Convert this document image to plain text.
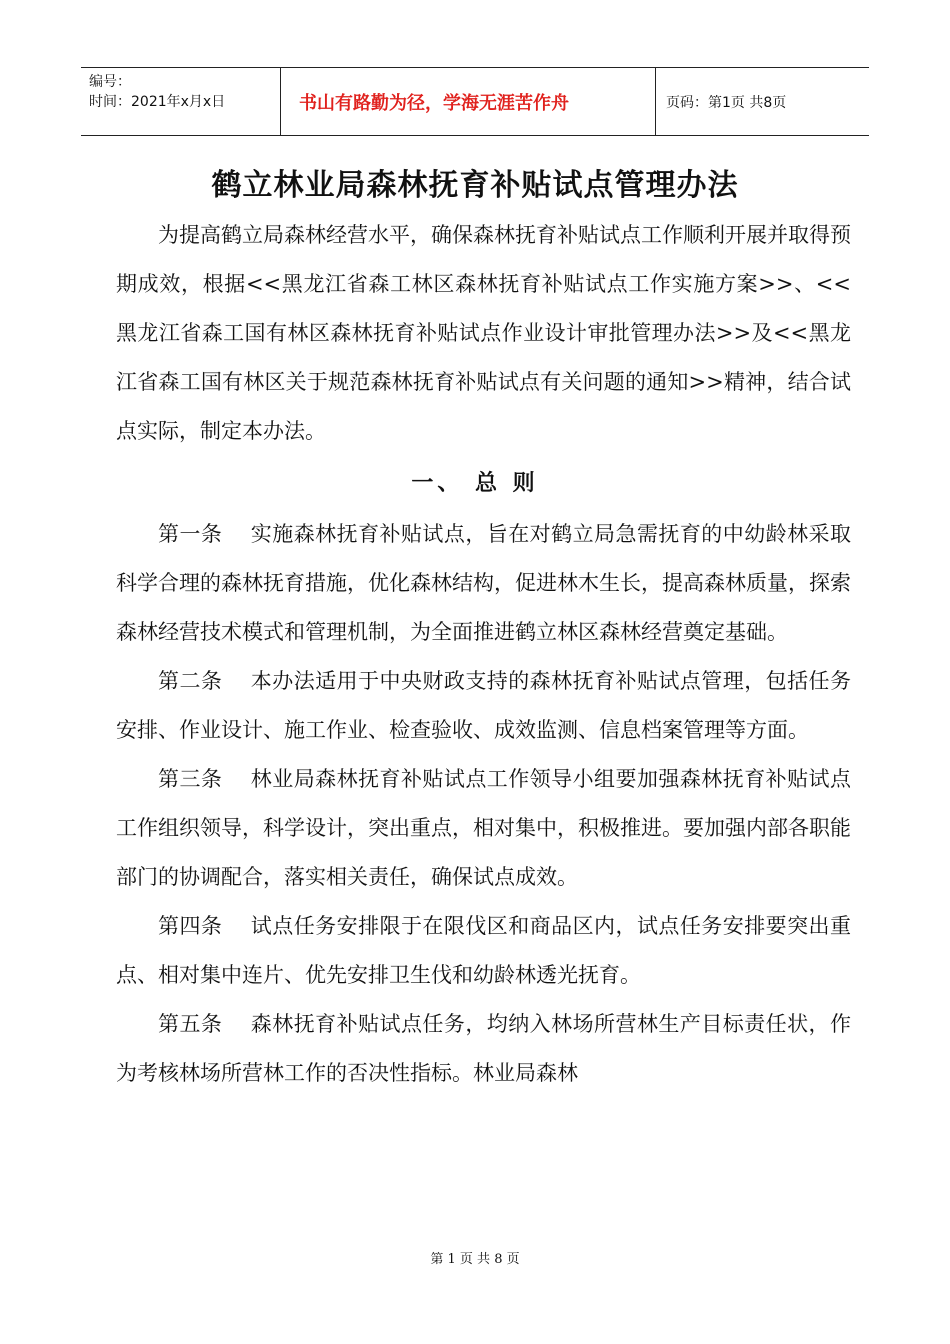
编号：
时间：2021年x月x日	书山有路勤为径，学海无涯苦作舟	页码：第1页 共8页
鹤立林业局森林抚育补贴试点管理办法

为提高鹤立局森林经营水平，确保森林抚育补贴试点工作顺利开展并取得预期成效，根据<<黑龙江省森工林区森林抚育补贴试点工作实施方案>>、<<黑龙江省森工国有林区森林抚育补贴试点作业设计审批管理办法>>及<<黑龙江省森工国有林区关于规范森林抚育补贴试点有关问题的通知>>精神，结合试点实际，制定本办法。

一、 总 则

第一条 实施森林抚育补贴试点，旨在对鹤立局急需抚育的中幼龄林采取科学合理的森林抚育措施，优化森林结构，促进林木生长，提高森林质量，探索森林经营技术模式和管理机制，为全面推进鹤立林区森林经营奠定基础。

第二条 本办法适用于中央财政支持的森林抚育补贴试点管理，包括任务安排、作业设计、施工作业、检查验收、成效监测、信息档案管理等方面。

第三条 林业局森林抚育补贴试点工作领导小组要加强森林抚育补贴试点工作组织领导，科学设计，突出重点，相对集中，积极推进。要加强内部各职能部门的协调配合，落实相关责任，确保试点成效。

第四条 试点任务安排限于在限伐区和商品区内，试点任务安排要突出重点、相对集中连片、优先安排卫生伐和幼龄林透光抚育。

第五条 森林抚育补贴试点任务，均纳入林场所营林生产目标责任状，作为考核林场所营林工作的否决性指标。林业局森林

第 1 页 共 8 页
